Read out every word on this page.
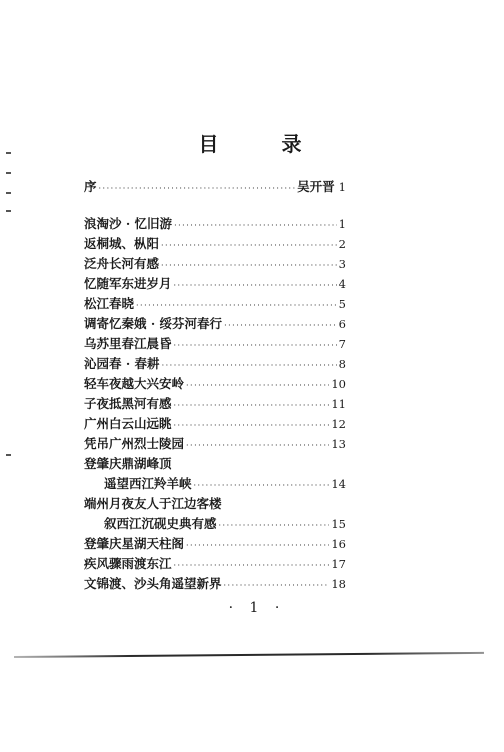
目 录
序 ·····	吴开晋 1
浪淘沙 · 忆旧游 ·····	1
返桐城、枞阳 ·····	2
泛舟长河有感 ·····	3
忆随军东进岁月 ·····	4
松江春晓 ·····	5
调寄忆秦娥 · 绥芬河春行 ·····	6
乌苏里春江晨昏 ·····	7
沁园春 · 春耕 ·····	8
轻车夜越大兴安岭 ·····	10
子夜抵黑河有感 ·····	11
广州白云山远眺 ·····	12
凭吊广州烈士陵园 ·····	13
登肇庆鼎湖峰顶
遥望西江羚羊峡 ·····	14
端州月夜友人于江边客楼
叙西江沉砚史典有感 ·····	15
登肇庆星湖天柱阁 ·····	16
疾风骤雨渡东江 ·····	17
文锦渡、沙头角遥望新界 ·····	18
· 1 ·
